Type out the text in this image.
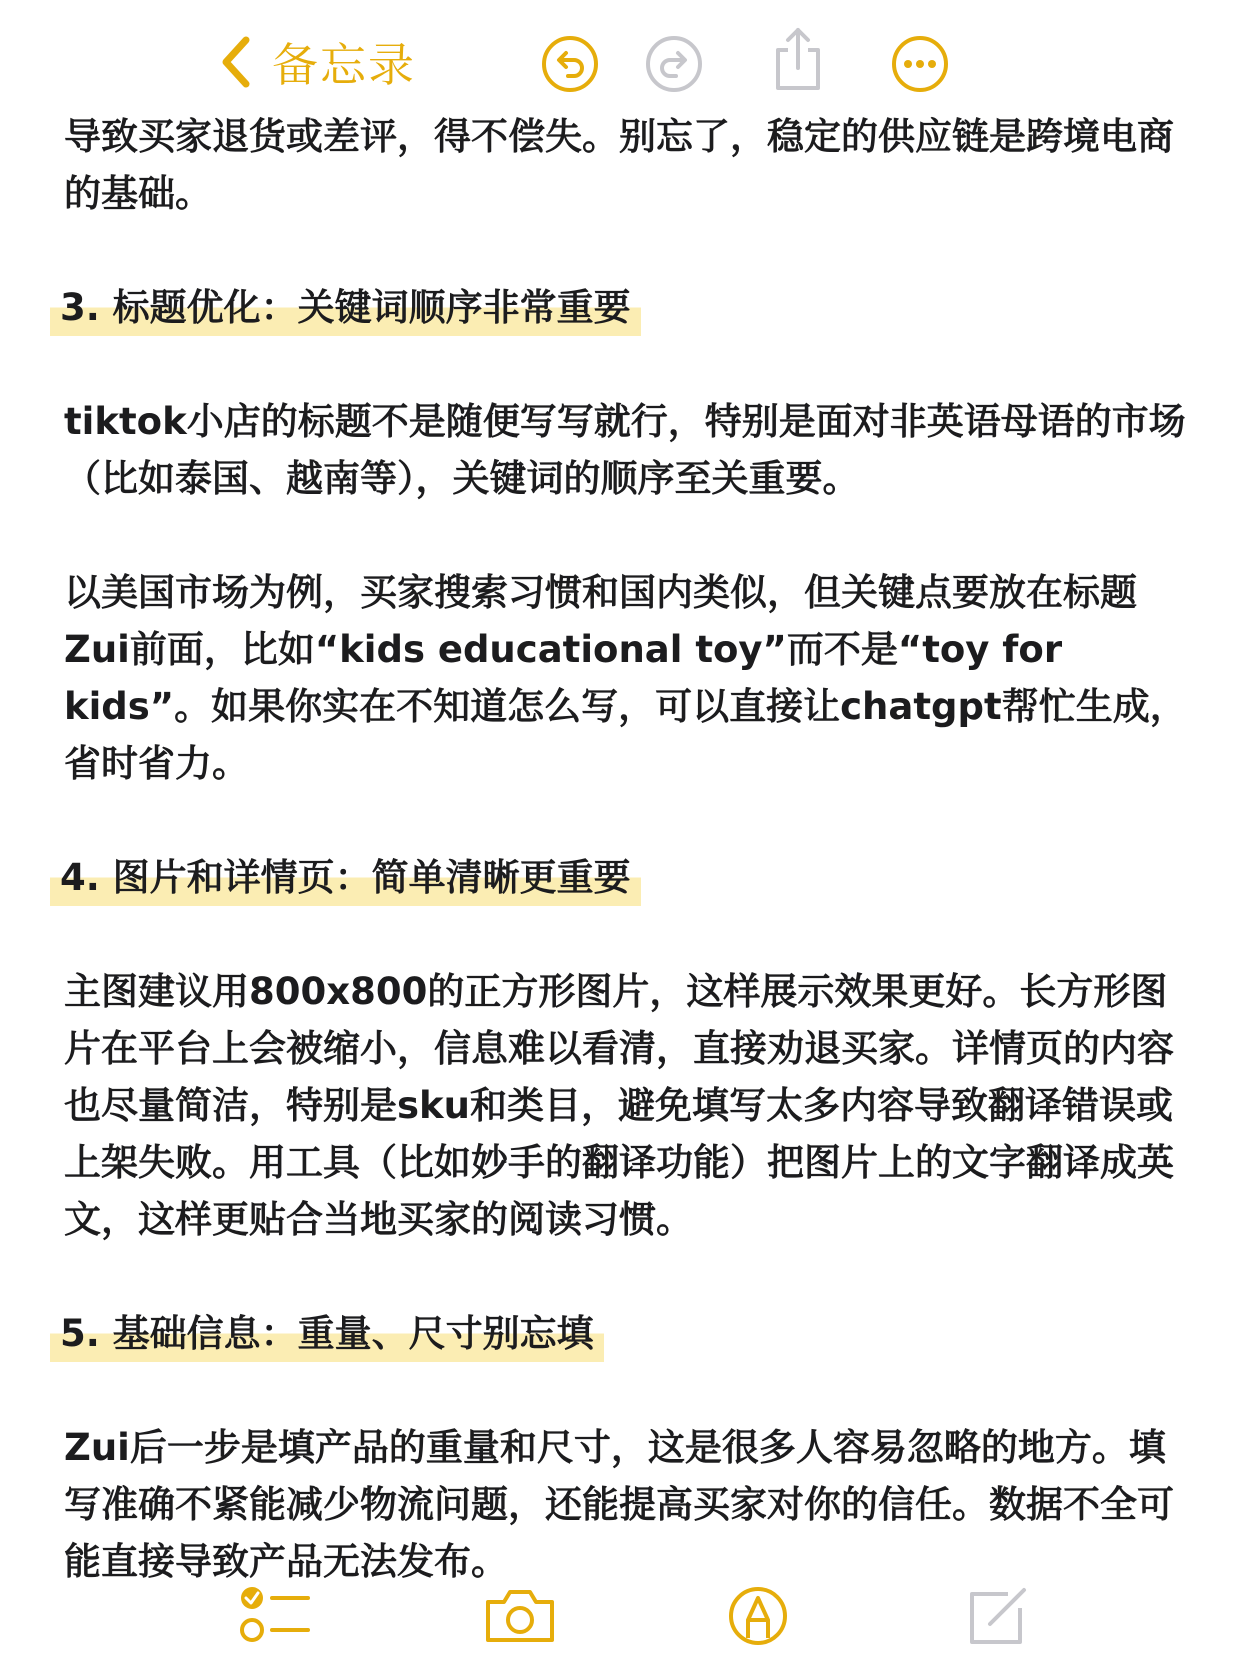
备忘录

导致买家退货或差评，得不偿失。别忘了，稳定的供应链是跨境电商的基础。

3. 标题优化：关键词顺序非常重要

tiktok小店的标题不是随便写写就行，特别是面对非英语母语的市场（比如泰国、越南等），关键词的顺序至关重要。

以美国市场为例，买家搜索习惯和国内类似，但关键点要放在标题Zui前面，比如“kids educational toy”而不是“toy for kids”。如果你实在不知道怎么写，可以直接让chatgpt帮忙生成，省时省力。

4. 图片和详情页：简单清晰更重要

主图建议用800x800的正方形图片，这样展示效果更好。长方形图片在平台上会被缩小，信息难以看清，直接劝退买家。详情页的内容也尽量简洁，特别是sku和类目，避免填写太多内容导致翻译错误或上架失败。用工具（比如妙手的翻译功能）把图片上的文字翻译成英文，这样更贴合当地买家的阅读习惯。

5. 基础信息：重量、尺寸别忘填

Zui后一步是填产品的重量和尺寸，这是很多人容易忽略的地方。填写准确不紧能减少物流问题，还能提高买家对你的信任。数据不全可能直接导致产品无法发布。
